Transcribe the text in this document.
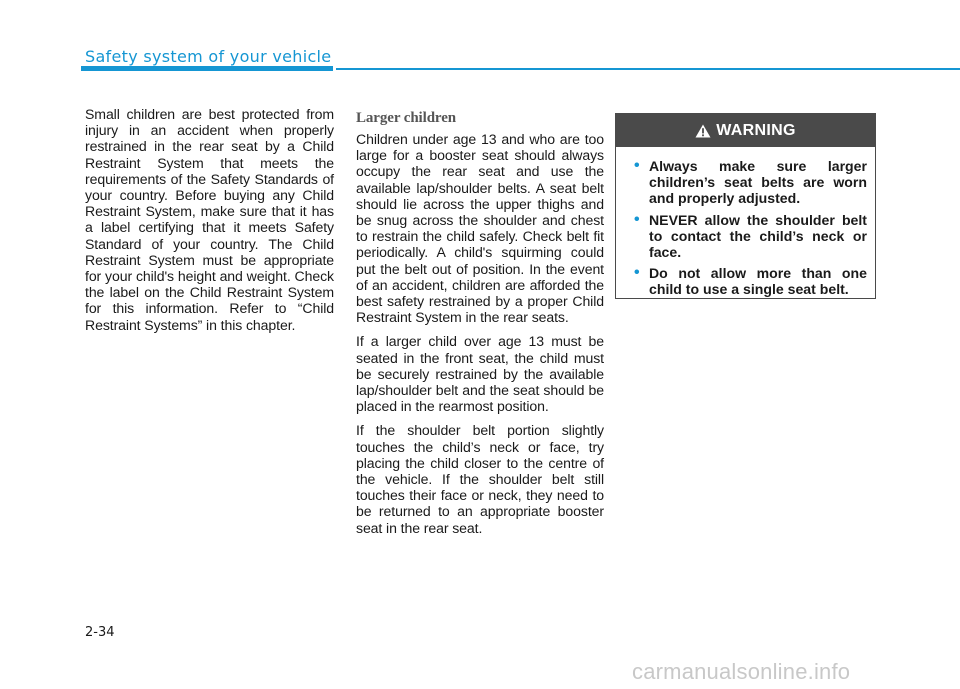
Safety system of your vehicle

Small children are best protected from injury in an accident when properly restrained in the rear seat by a Child Restraint System that meets the requirements of the Safety Standards of your country. Before buying any Child Restraint System, make sure that it has a label certifying that it meets Safety Standard of your country. The Child Restraint System must be appropriate for your child's height and weight. Check the label on the Child Restraint System for this information. Refer to “Child Restraint Systems” in this chapter.

Larger children

Children under age 13 and who are too large for a booster seat should always occupy the rear seat and use the available lap/shoulder belts. A seat belt should lie across the upper thighs and be snug across the shoulder and chest to restrain the child safely. Check belt fit periodically. A child's squirming could put the belt out of position. In the event of an accident, children are afforded the best safety restrained by a proper Child Restraint System in the rear seats.

If a larger child over age 13 must be seated in the front seat, the child must be securely restrained by the available lap/shoulder belt and the seat should be placed in the rearmost position.

If the shoulder belt portion slightly touches the child’s neck or face, try placing the child closer to the centre of the vehicle. If the shoulder belt still touches their face or neck, they need to be returned to an appropriate booster seat in the rear seat.

WARNING
• Always make sure larger children’s seat belts are worn and properly adjusted.
• NEVER allow the shoulder belt to contact the child’s neck or face.
• Do not allow more than one child to use a single seat belt.
2-34
carmanualsonline.info
